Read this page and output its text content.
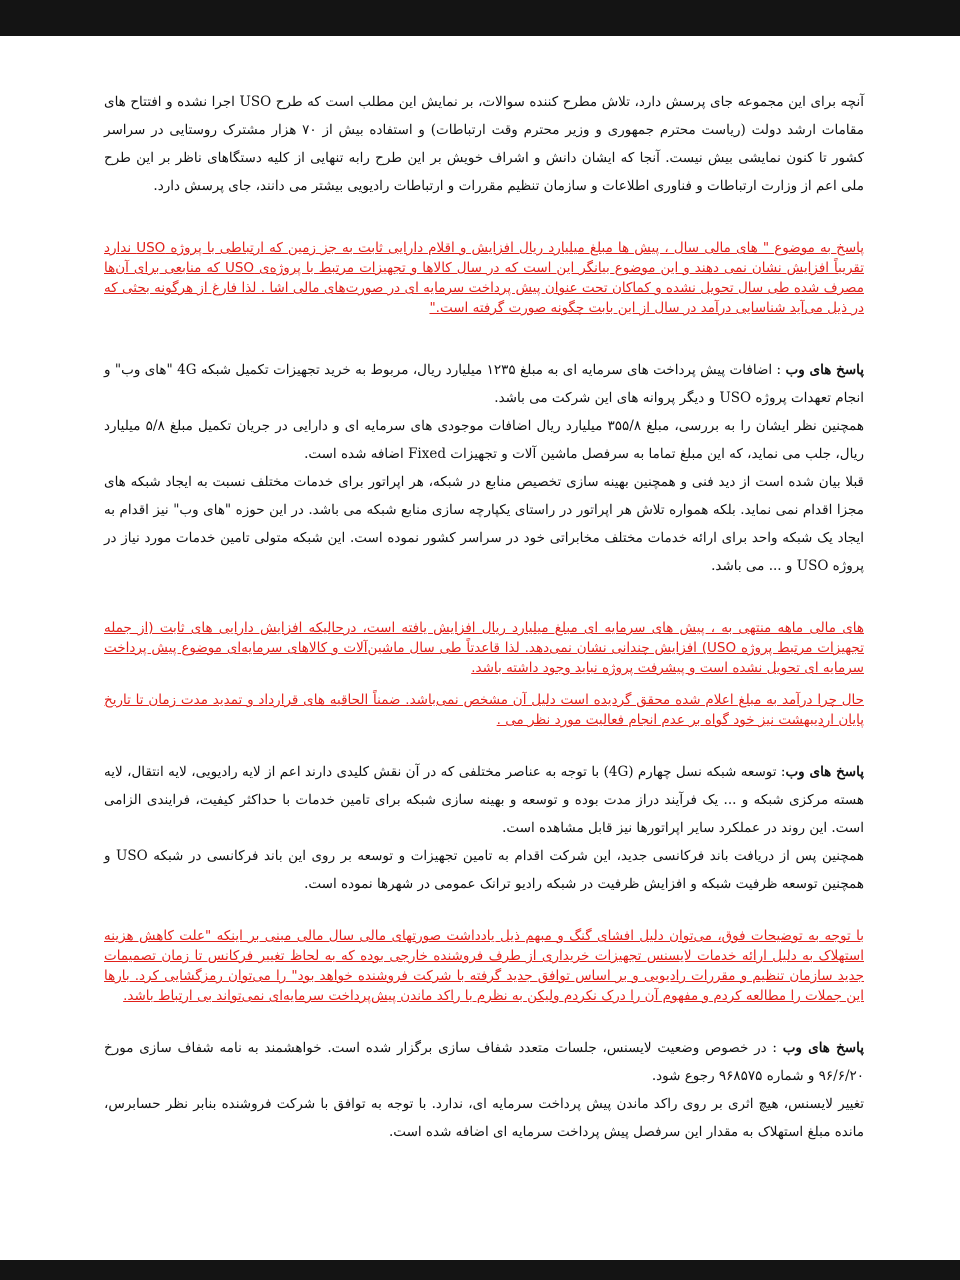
آنچه برای این مجموعه جای پرسش دارد، تلاش مطرح کننده سوالات، بر نمایش این مطلب است که طرح USO اجرا نشده و افتتاح های مقامات ارشد دولت (ریاست محترم جمهوری و وزیر محترم وقت ارتباطات) و استفاده بیش از ۷۰ هزار مشترک روستایی در سراسر کشور تا کنون نمایشی بیش نیست. آنجا که ایشان دانش و اشراف خویش بر این طرح رابه تنهایی از کلیه دستگاهای ناظر بر این طرح ملی اعم از وزارت ارتباطات و فناوری اطلاعات و سازمان تنظیم مقررات و ارتباطات رادیویی بیشتر می دانند، جای پرسش دارد.

پاسخ به موضوع " های مالی سال ، پیش ها مبلغ میلیارد ریال افزایش و اقلام دارایی ثابت به جز زمین که ارتباطی با پروژه USO ندارد تقریباً افزایش نشان نمی دهند و این موضوع بیانگر این است که در سال کالاها و تجهیزات مرتبط با پروژه‌ی USO که منابعی برای آن‌ها مصرف شده طی سال تحویل نشده و کماکان تحت عنوان پیش پرداخت سرمایه ای در صورت‌های مالی اشا . لذا فارغ از هرگونه بحثی که در ذیل می‌آید شناسایی درآمد در سال از این بابت چگونه صورت گرفته است."

پاسخ های وب : اضافات پیش پرداخت های سرمایه ای به مبلغ ۱۲۳۵ میلیارد ریال، مربوط به خرید تجهیزات تکمیل شبکه 4G "های وب" و انجام تعهدات پروژه USO و دیگر پروانه های این شرکت می باشد.

همچنین نظر ایشان را به بررسی، مبلغ ۳۵۵/۸ میلیارد ریال اضافات موجودی های سرمایه ای و دارایی در جریان تکمیل مبلغ ۵/۸ میلیارد ریال، جلب می نماید، که این مبلغ تماما به سرفصل ماشین آلات و تجهیزات Fixed اضافه شده است.

قبلا بیان شده است از دید فنی و همچنین بهینه سازی تخصیص منابع در شبکه، هر اپراتور برای خدمات مختلف نسبت به ایجاد شبکه های مجزا اقدام نمی نماید. بلکه همواره تلاش هر اپراتور در راستای یکپارچه سازی منابع شبکه می باشد. در این حوزه "های وب" نیز اقدام به ایجاد یک شبکه واحد برای ارائه خدمات مختلف مخابراتی خود در سراسر کشور نموده است. این شبکه متولی تامین خدمات مورد نیاز در پروژه USO و ... می باشد.

های مالی ماهه منتهی به ، پیش های سرمایه ای مبلغ میلیارد ریال افزایش یافته است، درحالیکه افزایش دارایی های ثابت (از جمله تجهیزات مرتبط پروژه USO) افزایش چندانی نشان نمی‌دهد. لذا قاعدتاً طی سال ماشین‌آلات و کالاهای سرمایه‌ای موضوع پیش پرداخت سرمایه ای تحویل نشده است و پیشرفت پروژه نباید وجود داشته باشد.

حال چرا درآمد به مبلغ اعلام شده محقق گردیده است دلیل آن مشخص نمی‌باشد. ضمناً الحاقیه های قرارداد و تمدید مدت زمان تا تاریخ پایان اردیبهشت نیز خود گواه بر عدم انجام فعالیت مورد نظر می .

پاسخ های وب: توسعه شبکه نسل چهارم (4G) با توجه به عناصر مختلفی که در آن نقش کلیدی دارند اعم از لایه رادیویی، لایه انتقال، لایه هسته مرکزی شبکه و ... یک فرآیند دراز مدت بوده و توسعه و بهینه سازی شبکه برای تامین خدمات با حداکثر کیفیت، فرایندی الزامی است. این روند در عملکرد سایر اپراتورها نیز قابل مشاهده است.

همچنین پس از دریافت باند فرکانسی جدید، این شرکت اقدام به تامین تجهیزات و توسعه بر روی این باند فرکانسی در شبکه USO و همچنین توسعه ظرفیت شبکه و افزایش ظرفیت در شبکه رادیو ترانک عمومی در شهرها نموده است.

با توجه به توضیحات فوق، می‌توان دلیل افشای گنگ و مبهم ذیل یادداشت صورتهای مالی سال مالی مبنی بر اینکه "علت کاهش هزینه استهلاک به دلیل ارائه خدمات لایسنس تجهیزات خریداری از طرف فروشنده خارجی بوده که به لحاظ تغییر فرکانس تا زمان تصمیمات جدید سازمان تنظیم و مقررات رادیویی و بر اساس توافق جدید گرفته با شرکت فروشنده خواهد بود" را می‌توان رمزگشایی کرد. بارها این جملات را مطالعه کردم و مفهوم آن را درک نکردم ولیکن به نظرم با راکد ماندن پیش‌پرداخت سرمایه‌ای نمی‌تواند بی ارتباط باشد.

پاسخ های وب : در خصوص وضعیت لایسنس، جلسات متعدد شفاف سازی برگزار شده است. خواهشمند به نامه شفاف سازی مورخ ۹۶/۶/۲۰ و شماره ۹۶۸۵۷۵ رجوع شود.

تغییر لایسنس، هیچ اثری بر روی راکد ماندن پیش پرداخت سرمایه ای، ندارد. با توجه به توافق با شرکت فروشنده بنابر نظر حسابرس، مانده مبلغ استهلاک به مقدار این سرفصل پیش پرداخت سرمایه ای اضافه شده است.
